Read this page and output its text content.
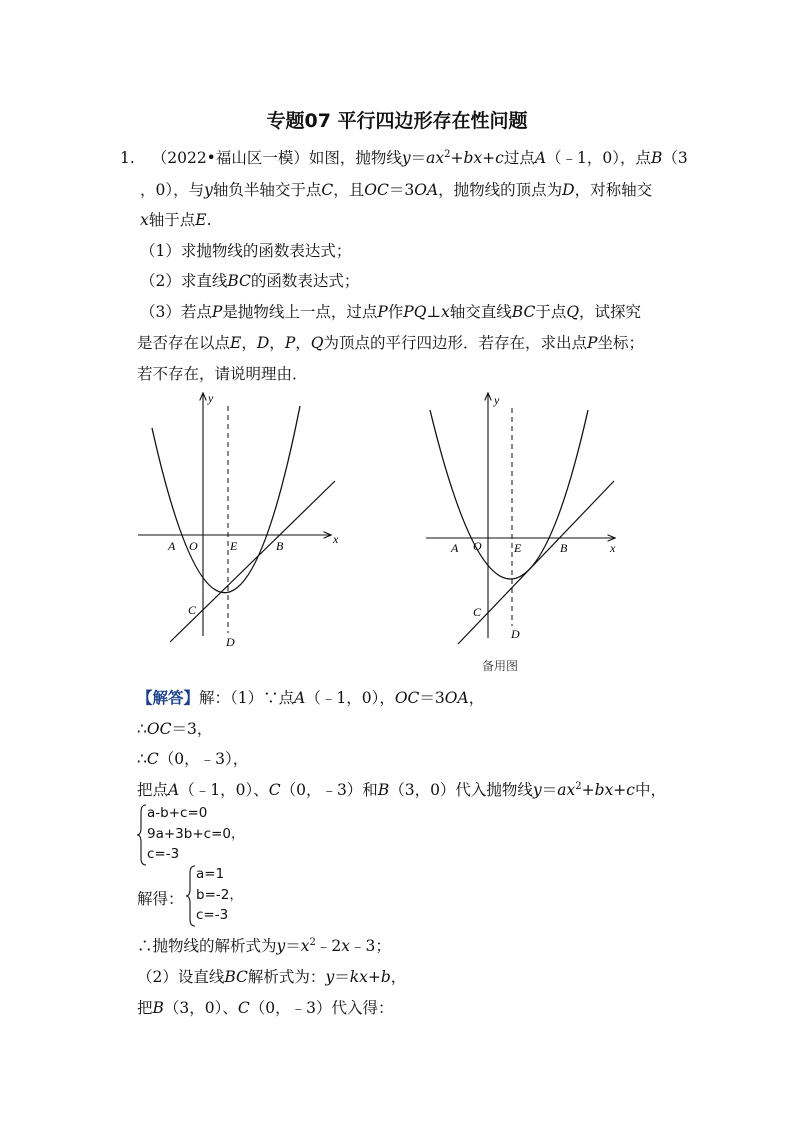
专题07 平行四边形存在性问题
1. （2022•福山区一模）如图，抛物线$y=ax^2+bx+c$过点A（﹣1，0），点B（3
，0），与y轴负半轴交于点C，且OC＝3OA，抛物线的顶点为D，对称轴交
x轴于点E.
（1）求抛物线的函数表达式；
（2）求直线BC的函数表达式；
（3）若点P是抛物线上一点，过点P作PQ⊥x轴交直线BC于点Q，试探究
是否存在以点E，D，P，Q为顶点的平行四边形．若存在，求出点P坐标；
若不存在，请说明理由．
y
x
O
A	E	B
C
D
y
x
O
A	E	B
C
D
备用图
【解答】解：（1）∵点A（﹣1，0），OC＝3OA，
∴OC＝3，
∴C（0，﹣3），
把点A（﹣1，0）、C（0，﹣3）和B（3，0）代入抛物线$y=ax^2+bx+c$中，
a-b+c=0
9a+3b+c=0，
c=-3
解得：
a=1
b=-2，
c=-3
∴抛物线的解析式为$y=x^2﹣2x﹣3$；
（2）设直线BC解析式为：y＝kx+b，
把B（3，0）、C（0，﹣3）代入得：
